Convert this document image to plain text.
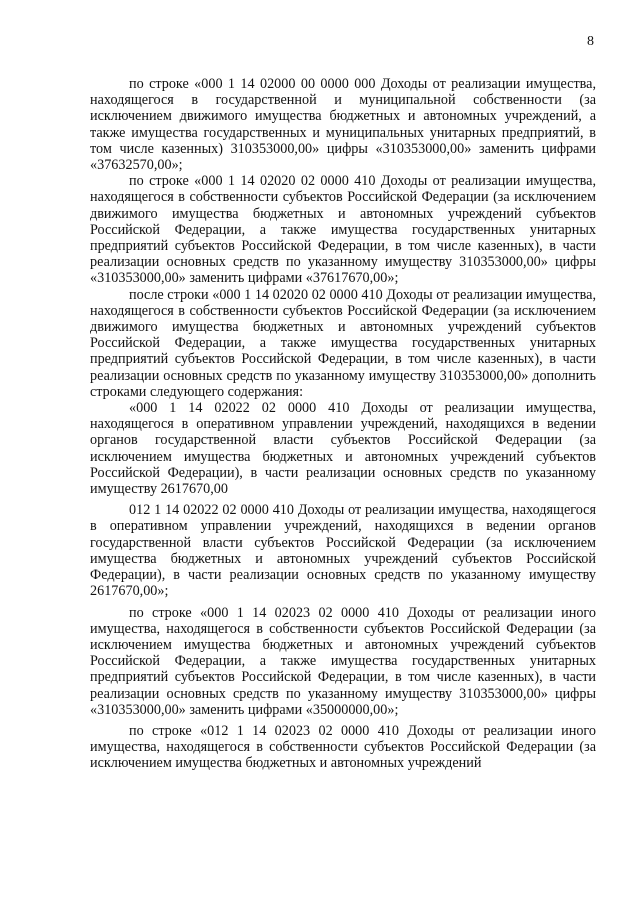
8

по строке «000 1 14 02000 00 0000 000 Доходы от реализации имущества, находящегося в государственной и муниципальной собственности (за исключением движимого имущества бюджетных и автономных учреждений, а также имущества государственных и муниципальных унитарных предприятий, в том числе казенных) 310353000,00» цифры «310353000,00» заменить цифрами «37632570,00»;

по строке «000 1 14 02020 02 0000 410 Доходы от реализации имущества, находящегося в собственности субъектов Российской Федерации (за исключением движимого имущества бюджетных и автономных учреждений субъектов Российской Федерации, а также имущества государственных унитарных предприятий субъектов Российской Федерации, в том числе казенных), в части реализации основных средств по указанному имуществу 310353000,00» цифры «310353000,00» заменить цифрами «37617670,00»;

после строки «000 1 14 02020 02 0000 410 Доходы от реализации имущества, находящегося в собственности субъектов Российской Федерации (за исключением движимого имущества бюджетных и автономных учреждений субъектов Российской Федерации, а также имущества государственных унитарных предприятий субъектов Российской Федерации, в том числе казенных), в части реализации основных средств по указанному имуществу 310353000,00» дополнить строками следующего содержания:

«000 1 14 02022 02 0000 410 Доходы от реализации имущества, находящегося в оперативном управлении учреждений, находящихся в ведении органов государственной власти субъектов Российской Федерации (за исключением имущества бюджетных и автономных учреждений субъектов Российской Федерации), в части реализации основных средств по указанному имуществу 2617670,00

012 1 14 02022 02 0000 410 Доходы от реализации имущества, находящегося в оперативном управлении учреждений, находящихся в ведении органов государственной власти субъектов Российской Федерации (за исключением имущества бюджетных и автономных учреждений субъектов Российской Федерации), в части реализации основных средств по указанному имуществу 2617670,00»;

по строке «000 1 14 02023 02 0000 410 Доходы от реализации иного имущества, находящегося в собственности субъектов Российской Федерации (за исключением имущества бюджетных и автономных учреждений субъектов Российской Федерации, а также имущества государственных унитарных предприятий субъектов Российской Федерации, в том числе казенных), в части реализации основных средств по указанному имуществу 310353000,00» цифры «310353000,00» заменить цифрами «35000000,00»;

по строке «012 1 14 02023 02 0000 410 Доходы от реализации иного имущества, находящегося в собственности субъектов Российской Федерации (за исключением имущества бюджетных и автономных учреждений
